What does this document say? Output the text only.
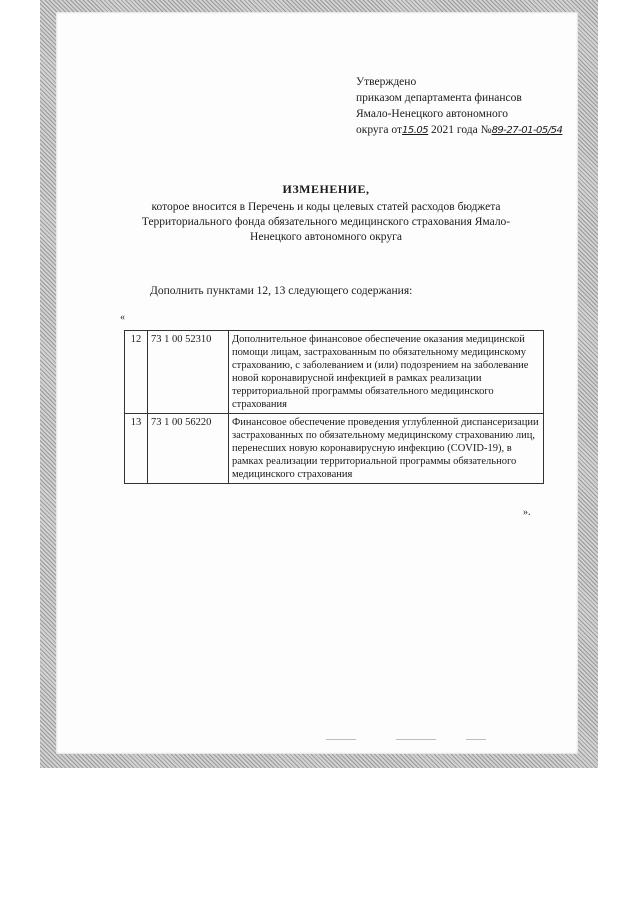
Утверждено
приказом департамента финансов
Ямало-Ненецкого автономного
округа от15.05 2021 года №89-27-01-05/54
ИЗМЕНЕНИЕ,
которое вносится в Перечень и коды целевых статей расходов бюджета Территориального фонда обязательного медицинского страхования Ямало-Ненецкого автономного округа
Дополнить пунктами 12, 13 следующего содержания:
«
12	73 1 00 52310	Дополнительное финансовое обеспечение оказания медицинской помощи лицам, застрахованным по обязательному медицинскому страхованию, с заболеванием и (или) подозрением на заболевание новой коронавирусной инфекцией в рамках реализации территориальной программы обязательного медицинского страхования
13	73 1 00 56220	Финансовое обеспечение проведения углубленной диспансеризации застрахованных по обязательному медицинскому страхованию лиц, перенесших новую коронавирусную инфекцию (COVID-19), в рамках реализации территориальной программы обязательного медицинского страхования
».
